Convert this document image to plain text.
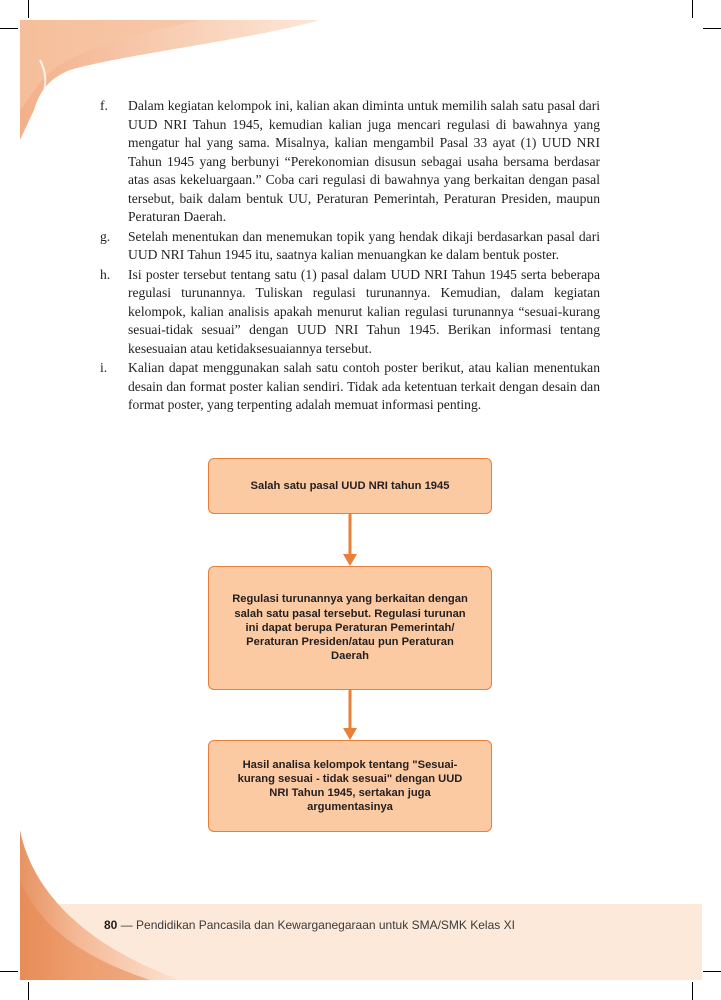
f. Dalam kegiatan kelompok ini, kalian akan diminta untuk memilih salah satu pasal dari UUD NRI Tahun 1945, kemudian kalian juga mencari regulasi di bawahnya yang mengatur hal yang sama. Misalnya, kalian mengambil Pasal 33 ayat (1) UUD NRI Tahun 1945 yang berbunyi “Perekonomian disusun sebagai usaha bersama berdasar atas asas kekeluargaan.” Coba cari regulasi di bawahnya yang berkaitan dengan pasal tersebut, baik dalam bentuk UU, Peraturan Pemerintah, Peraturan Presiden, maupun Peraturan Daerah.
g. Setelah menentukan dan menemukan topik yang hendak dikaji berdasarkan pasal dari UUD NRI Tahun 1945 itu, saatnya kalian menuangkan ke dalam bentuk poster.
h. Isi poster tersebut tentang satu (1) pasal dalam UUD NRI Tahun 1945 serta beberapa regulasi turunannya. Tuliskan regulasi turunannya. Kemudian, dalam kegiatan kelompok, kalian analisis apakah menurut kalian regulasi turunannya “sesuai-kurang sesuai-tidak sesuai” dengan UUD NRI Tahun 1945. Berikan informasi tentang kesesuaian atau ketidaksesuaiannya tersebut.
i. Kalian dapat menggunakan salah satu contoh poster berikut, atau kalian menentukan desain dan format poster kalian sendiri. Tidak ada ketentuan terkait dengan desain dan format poster, yang terpenting adalah memuat informasi penting.
Salah satu pasal UUD NRI tahun 1945
Regulasi turunannya yang berkaitan dengan salah satu pasal tersebut. Regulasi turunan ini dapat berupa Peraturan Pemerintah/ Peraturan Presiden/atau pun Peraturan Daerah
Hasil analisa kelompok tentang "Sesuai-kurang sesuai - tidak sesuai" dengan UUD NRI Tahun 1945, sertakan juga argumentasinya
80 — Pendidikan Pancasila dan Kewarganegaraan untuk SMA/SMK Kelas XI
